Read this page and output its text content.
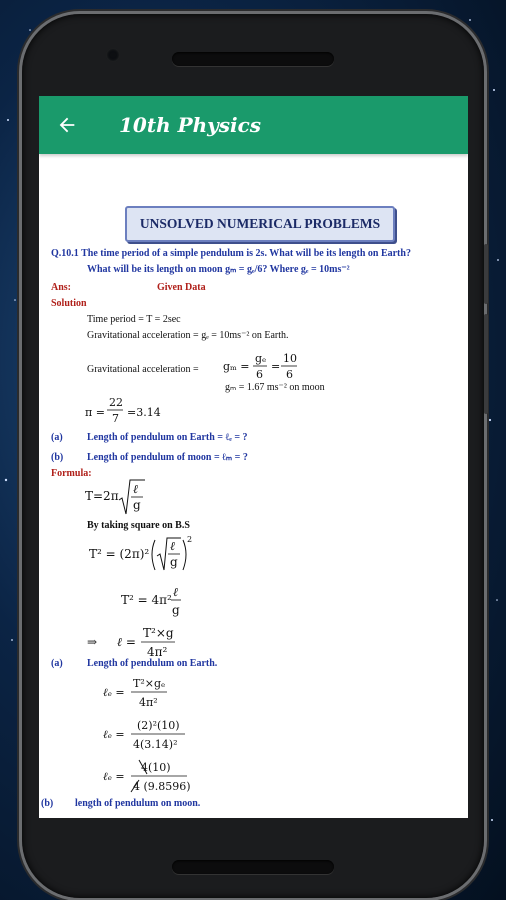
10th Physics
UNSOLVED NUMERICAL PROBLEMS
Q.10.1 The time period of a simple pendulum is 2s. What will be its length on Earth?
What will be its length on moon gₘ = gₑ/6? Where gₑ = 10ms⁻²
Ans:	Given Data
Solution
Time period = T = 2sec
Gravitational acceleration = gₑ = 10ms⁻² on Earth.
Gravitational acceleration = gₘ =
gₑ
6
=
10
6
gₘ = 1.67 ms⁻² on moon
π =
22
7 =3.14
(a) Length of pendulum on Earth = ℓₑ = ?
(b) Length of pendulum of moon = ℓₘ = ?
Formula:
T=2π ℓ
g
By taking square on B.S
T² = (2π)²
ℓ
g
2
T² = 4π²
ℓ
g
⇒ ℓ =
T²×g
4π²
(a) Length of pendulum on Earth.
ℓₑ =
T²×gₑ
4π²
ℓₑ =
(2)²(10)
4(3.14)²
ℓₑ =
4(10)
4 (9.8596)
(b) length of pendulum on moon.
